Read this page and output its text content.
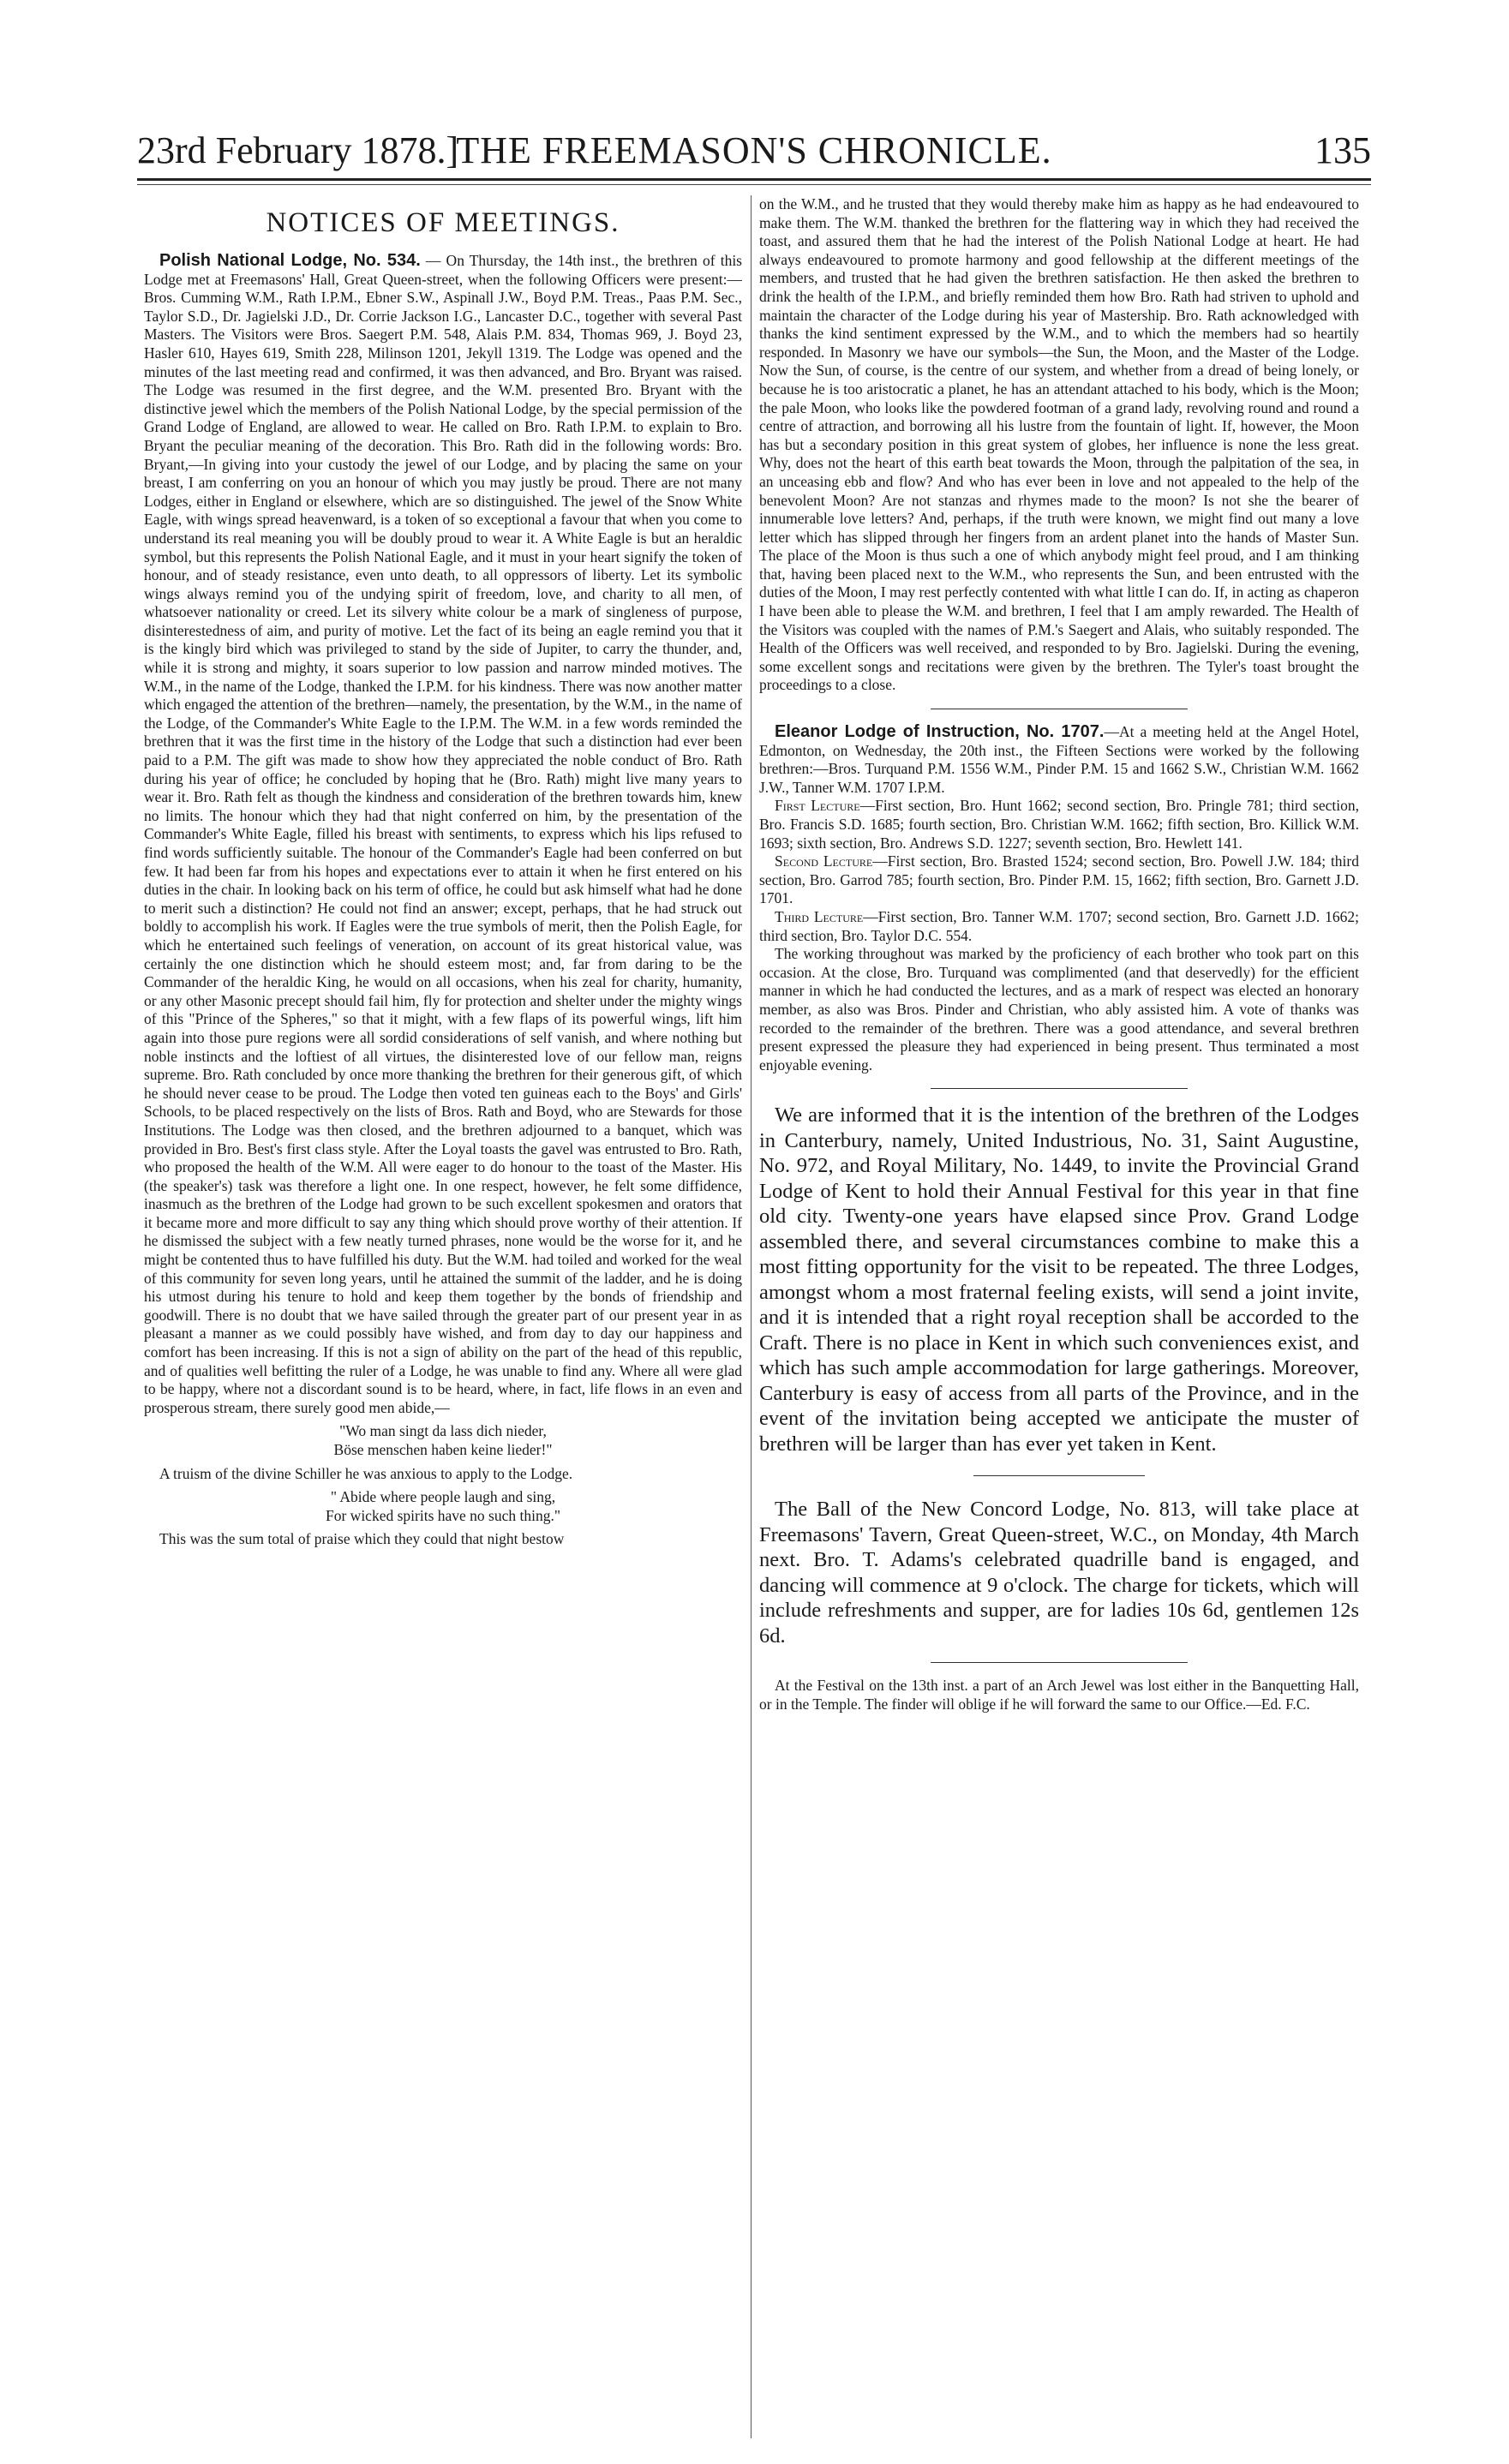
THE FREEMASON'S CHRONICLE.
23rd February 1878.]	135
NOTICES OF MEETINGS.

Polish National Lodge, No. 534. — On Thursday, the 14th inst., the brethren of this Lodge met at Freemasons' Hall, Great Queen-street, when the following Officers were present:— Bros. Cumming W.M., Rath I.P.M., Ebner S.W., Aspinall J.W., Boyd P.M. Treas., Paas P.M. Sec., Taylor S.D., Dr. Jagielski J.D., Dr. Corrie Jackson I.G., Lancaster D.C., together with several Past Masters. The Visitors were Bros. Saegert P.M. 548, Alais P.M. 834, Thomas 969, J. Boyd 23, Hasler 610, Hayes 619, Smith 228, Milinson 1201, Jekyll 1319. The Lodge was opened and the minutes of the last meeting read and confirmed, it was then advanced, and Bro. Bryant was raised. The Lodge was resumed in the first degree, and the W.M. presented Bro. Bryant with the distinctive jewel which the members of the Polish National Lodge, by the special permission of the Grand Lodge of England, are allowed to wear. He called on Bro. Rath I.P.M. to explain to Bro. Bryant the peculiar meaning of the decoration. This Bro. Rath did in the following words: Bro. Bryant,—In giving into your custody the jewel of our Lodge, and by placing the same on your breast, I am conferring on you an honour of which you may justly be proud. There are not many Lodges, either in England or elsewhere, which are so distinguished. The jewel of the Snow White Eagle, with wings spread heavenward, is a token of so exceptional a favour that when you come to understand its real meaning you will be doubly proud to wear it. A White Eagle is but an heraldic symbol, but this represents the Polish National Eagle, and it must in your heart signify the token of honour, and of steady resistance, even unto death, to all oppressors of liberty. Let its symbolic wings always remind you of the undying spirit of freedom, love, and charity to all men, of whatsoever nationality or creed. Let its silvery white colour be a mark of singleness of purpose, disinterestedness of aim, and purity of motive. Let the fact of its being an eagle remind you that it is the kingly bird which was privileged to stand by the side of Jupiter, to carry the thunder, and, while it is strong and mighty, it soars superior to low passion and narrow minded motives. The W.M., in the name of the Lodge, thanked the I.P.M. for his kindness. There was now another matter which engaged the attention of the brethren—namely, the presentation, by the W.M., in the name of the Lodge, of the Commander's White Eagle to the I.P.M. The W.M. in a few words reminded the brethren that it was the first time in the history of the Lodge that such a distinction had ever been paid to a P.M. The gift was made to show how they appreciated the noble conduct of Bro. Rath during his year of office; he concluded by hoping that he (Bro. Rath) might live many years to wear it. Bro. Rath felt as though the kindness and consideration of the brethren towards him, knew no limits. The honour which they had that night conferred on him, by the presentation of the Commander's White Eagle, filled his breast with sentiments, to express which his lips refused to find words sufficiently suitable. The honour of the Commander's Eagle had been conferred on but few. It had been far from his hopes and expectations ever to attain it when he first entered on his duties in the chair. In looking back on his term of office, he could but ask himself what had he done to merit such a distinction? He could not find an answer; except, perhaps, that he had struck out boldly to accomplish his work. If Eagles were the true symbols of merit, then the Polish Eagle, for which he entertained such feelings of veneration, on account of its great historical value, was certainly the one distinction which he should esteem most; and, far from daring to be the Commander of the heraldic King, he would on all occasions, when his zeal for charity, humanity, or any other Masonic precept should fail him, fly for protection and shelter under the mighty wings of this "Prince of the Spheres," so that it might, with a few flaps of its powerful wings, lift him again into those pure regions were all sordid considerations of self vanish, and where nothing but noble instincts and the loftiest of all virtues, the disinterested love of our fellow man, reigns supreme. Bro. Rath concluded by once more thanking the brethren for their generous gift, of which he should never cease to be proud. The Lodge then voted ten guineas each to the Boys' and Girls' Schools, to be placed respectively on the lists of Bros. Rath and Boyd, who are Stewards for those Institutions. The Lodge was then closed, and the brethren adjourned to a banquet, which was provided in Bro. Best's first class style. After the Loyal toasts the gavel was entrusted to Bro. Rath, who proposed the health of the W.M. All were eager to do honour to the toast of the Master. His (the speaker's) task was therefore a light one. In one respect, however, he felt some diffidence, inasmuch as the brethren of the Lodge had grown to be such excellent spokesmen and orators that it became more and more difficult to say any thing which should prove worthy of their attention. If he dismissed the subject with a few neatly turned phrases, none would be the worse for it, and he might be contented thus to have fulfilled his duty. But the W.M. had toiled and worked for the weal of this community for seven long years, until he attained the summit of the ladder, and he is doing his utmost during his tenure to hold and keep them together by the bonds of friendship and goodwill. There is no doubt that we have sailed through the greater part of our present year in as pleasant a manner as we could possibly have wished, and from day to day our happiness and comfort has been increasing. If this is not a sign of ability on the part of the head of this republic, and of qualities well befitting the ruler of a Lodge, he was unable to find any. Where all were glad to be happy, where not a discordant sound is to be heard, where, in fact, life flows in an even and prosperous stream, there surely good men abide,—

"Wo man singt da lass dich nieder,
Böse menschen haben keine lieder!"

A truism of the divine Schiller he was anxious to apply to the Lodge.

" Abide where people laugh and sing,
For wicked spirits have no such thing."

This was the sum total of praise which they could that night bestow

on the W.M., and he trusted that they would thereby make him as happy as he had endeavoured to make them. The W.M. thanked the brethren for the flattering way in which they had received the toast, and assured them that he had the interest of the Polish National Lodge at heart. He had always endeavoured to promote harmony and good fellowship at the different meetings of the members, and trusted that he had given the brethren satisfaction. He then asked the brethren to drink the health of the I.P.M., and briefly reminded them how Bro. Rath had striven to uphold and maintain the character of the Lodge during his year of Mastership. Bro. Rath acknowledged with thanks the kind sentiment expressed by the W.M., and to which the members had so heartily responded. In Masonry we have our symbols—the Sun, the Moon, and the Master of the Lodge. Now the Sun, of course, is the centre of our system, and whether from a dread of being lonely, or because he is too aristocratic a planet, he has an attendant attached to his body, which is the Moon; the pale Moon, who looks like the powdered footman of a grand lady, revolving round and round a centre of attraction, and borrowing all his lustre from the fountain of light. If, however, the Moon has but a secondary position in this great system of globes, her influence is none the less great. Why, does not the heart of this earth beat towards the Moon, through the palpitation of the sea, in an unceasing ebb and flow? And who has ever been in love and not appealed to the help of the benevolent Moon? Are not stanzas and rhymes made to the moon? Is not she the bearer of innumerable love letters? And, perhaps, if the truth were known, we might find out many a love letter which has slipped through her fingers from an ardent planet into the hands of Master Sun. The place of the Moon is thus such a one of which anybody might feel proud, and I am thinking that, having been placed next to the W.M., who represents the Sun, and been entrusted with the duties of the Moon, I may rest perfectly contented with what little I can do. If, in acting as chaperon I have been able to please the W.M. and brethren, I feel that I am amply rewarded. The Health of the Visitors was coupled with the names of P.M.'s Saegert and Alais, who suitably responded. The Health of the Officers was well received, and responded to by Bro. Jagielski. During the evening, some excellent songs and recitations were given by the brethren. The Tyler's toast brought the proceedings to a close.

Eleanor Lodge of Instruction, No. 1707.—At a meeting held at the Angel Hotel, Edmonton, on Wednesday, the 20th inst., the Fifteen Sections were worked by the following brethren:—Bros. Turquand P.M. 1556 W.M., Pinder P.M. 15 and 1662 S.W., Christian W.M. 1662 J.W., Tanner W.M. 1707 I.P.M.

First Lecture—First section, Bro. Hunt 1662; second section, Bro. Pringle 781; third section, Bro. Francis S.D. 1685; fourth section, Bro. Christian W.M. 1662; fifth section, Bro. Killick W.M. 1693; sixth section, Bro. Andrews S.D. 1227; seventh section, Bro. Hewlett 141.

Second Lecture—First section, Bro. Brasted 1524; second section, Bro. Powell J.W. 184; third section, Bro. Garrod 785; fourth section, Bro. Pinder P.M. 15, 1662; fifth section, Bro. Garnett J.D. 1701.

Third Lecture—First section, Bro. Tanner W.M. 1707; second section, Bro. Garnett J.D. 1662; third section, Bro. Taylor D.C. 554.

The working throughout was marked by the proficiency of each brother who took part on this occasion. At the close, Bro. Turquand was complimented (and that deservedly) for the efficient manner in which he had conducted the lectures, and as a mark of respect was elected an honorary member, as also was Bros. Pinder and Christian, who ably assisted him. A vote of thanks was recorded to the remainder of the brethren. There was a good attendance, and several brethren present expressed the pleasure they had experienced in being present. Thus terminated a most enjoyable evening.

We are informed that it is the intention of the brethren of the Lodges in Canterbury, namely, United Industrious, No. 31, Saint Augustine, No. 972, and Royal Military, No. 1449, to invite the Provincial Grand Lodge of Kent to hold their Annual Festival for this year in that fine old city. Twenty-one years have elapsed since Prov. Grand Lodge assembled there, and several circumstances combine to make this a most fitting opportunity for the visit to be repeated. The three Lodges, amongst whom a most fraternal feeling exists, will send a joint invite, and it is intended that a right royal reception shall be accorded to the Craft. There is no place in Kent in which such conveniences exist, and which has such ample accommodation for large gatherings. Moreover, Canterbury is easy of access from all parts of the Province, and in the event of the invitation being accepted we anticipate the muster of brethren will be larger than has ever yet taken in Kent.

The Ball of the New Concord Lodge, No. 813, will take place at Freemasons' Tavern, Great Queen-street, W.C., on Monday, 4th March next. Bro. T. Adams's celebrated quadrille band is engaged, and dancing will commence at 9 o'clock. The charge for tickets, which will include refreshments and supper, are for ladies 10s 6d, gentlemen 12s 6d.

At the Festival on the 13th inst. a part of an Arch Jewel was lost either in the Banquetting Hall, or in the Temple. The finder will oblige if he will forward the same to our Office.—Ed. F.C.
